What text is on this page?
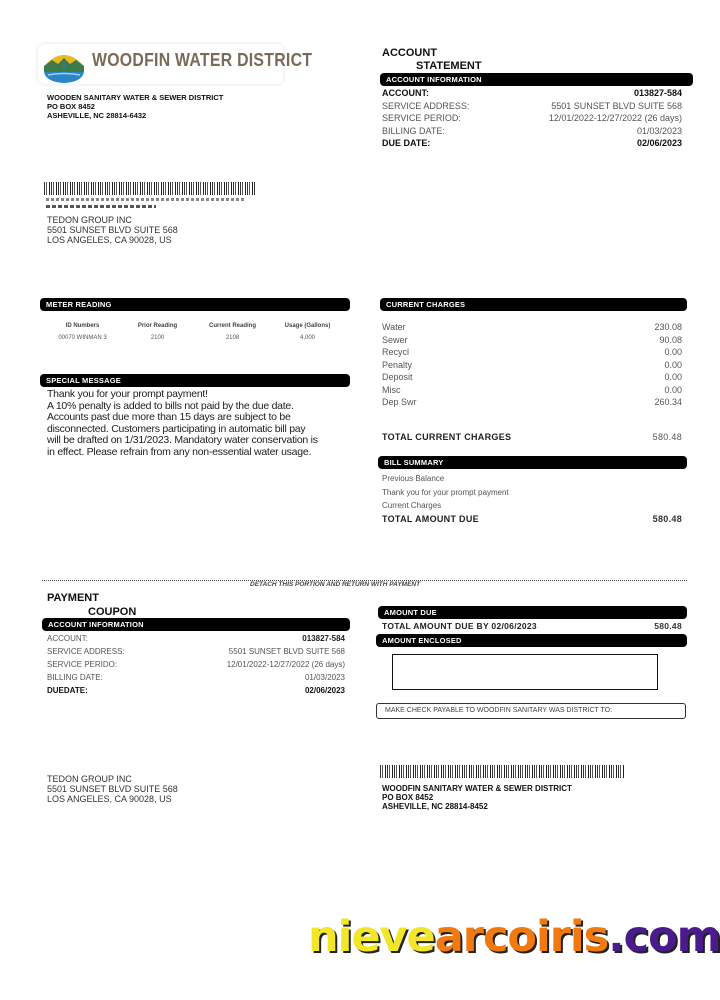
WOODFIN WATER DISTRICT
WOODEN SANITARY WATER & SEWER DISTRICT
PO BOX 8452
ASHEVILLE, NC 28814-6432
ACCOUNT
STATEMENT
ACCOUNT INFORMATION
ACCOUNT:	013827-584
SERVICE ADDRESS:	5501 SUNSET BLVD SUITE 568
SERVICE PERIOD:	12/01/2022-12/27/2022 (26 days)
BILLING DATE:	01/03/2023
DUE DATE:	02/06/2023
TEDON GROUP INC
5501 SUNSET BLVD SUITE 568
LOS ANGELES, CA 90028, US
METER READING
ID Numbers	Prior Reading	Current Reading	Usage (Gallons)
00070 WINMAN 3	2100	2108	4,000
SPECIAL MESSAGE
Thank you for your prompt payment!
A 10% penalty is added to bills not paid by the due date.
Accounts past due more than 15 days are subject to be
disconnected. Customers participating in automatic bill pay
will be drafted on 1/31/2023. Mandatory water conservation is
in effect. Please refrain from any non-essential water usage.
CURRENT CHARGES
Water	230.08
Sewer	90.08
Recycl	0.00
Penalty	0.00
Deposit	0.00
Misc	0.00
Dep Swr	260.34
TOTAL CURRENT CHARGES	580.48
BILL SUMMARY
Previous Balance
Thank you for your prompt payment
Current Charges
TOTAL AMOUNT DUE	580.48
DETACH THIS PORTION AND RETURN WITH PAYMENT
PAYMENT
COUPON
ACCOUNT INFORMATION
ACCOUNT:	013827-584
SERVICE ADDRESS:	5501 SUNSET BLVD SUITE 568
SERVICE PERIDO:	12/01/2022-12/27/2022 (26 days)
BILLING DATE:	01/03/2023
DUEDATE:	02/06/2023
AMOUNT DUE
TOTAL AMOUNT DUE BY 02/06/2023	580.48
AMOUNT ENCLOSED
MAKE CHECK PAYABLE TO WOODFIN SANITARY WAS DISTRICT TO:
TEDON GROUP INC
5501 SUNSET BLVD SUITE 568
LOS ANGELES, CA 90028, US
WOODFIN SANITARY WATER & SEWER DISTRICT
PO BOX 8452
ASHEVILLE, NC 28814-8452
nievearcoiris.com
